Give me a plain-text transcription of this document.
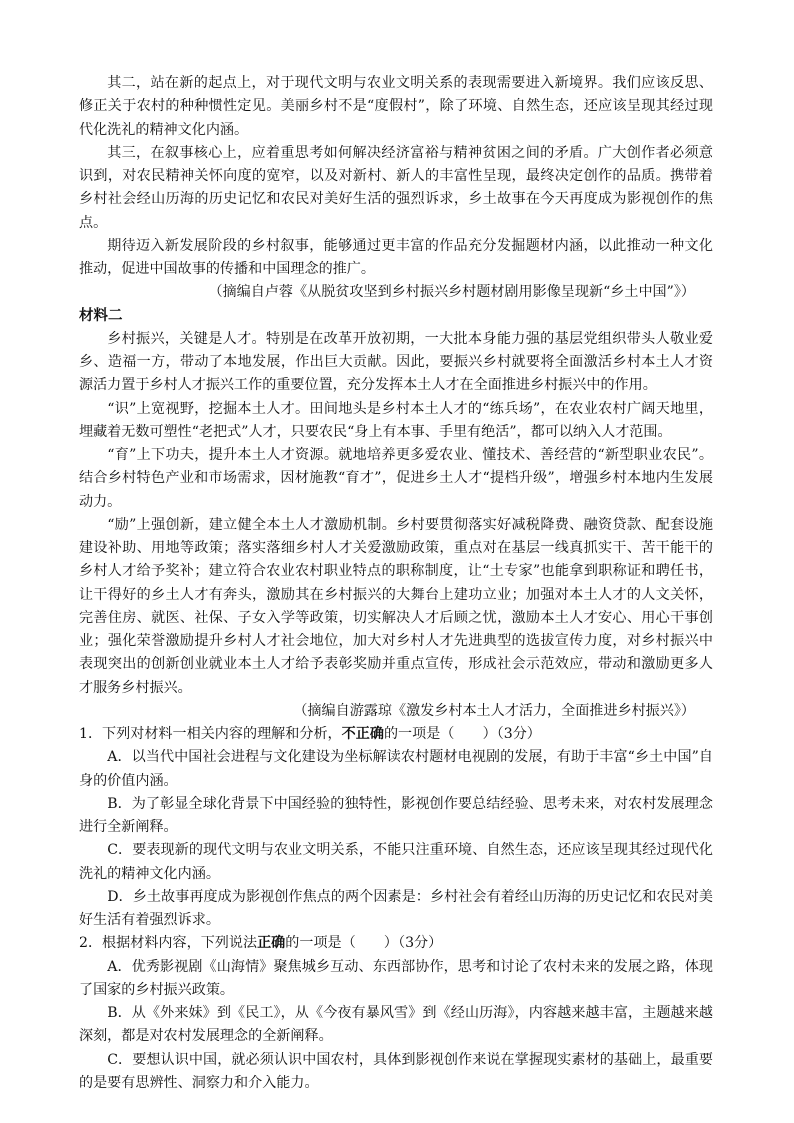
其二，站在新的起点上，对于现代文明与农业文明关系的表现需要进入新境界。我们应该反思、修正关于农村的种种惯性定见。美丽乡村不是“度假村”，除了环境、自然生态，还应该呈现其经过现代化洗礼的精神文化内涵。

其三，在叙事核心上，应着重思考如何解决经济富裕与精神贫困之间的矛盾。广大创作者必须意识到，对农民精神关怀向度的宽窄，以及对新村、新人的丰富性呈现，最终决定创作的品质。携带着乡村社会经山历海的历史记忆和农民对美好生活的强烈诉求，乡土故事在今天再度成为影视创作的焦点。

期待迈入新发展阶段的乡村叙事，能够通过更丰富的作品充分发掘题材内涵，以此推动一种文化推动，促进中国故事的传播和中国理念的推广。

（摘编自卢蓉《从脱贫攻坚到乡村振兴乡村题材剧用影像呈现新“乡土中国”》）

材料二

乡村振兴，关键是人才。特别是在改革开放初期，一大批本身能力强的基层党组织带头人敬业爱乡、造福一方，带动了本地发展，作出巨大贡献。因此，要振兴乡村就要将全面激活乡村本土人才资源活力置于乡村人才振兴工作的重要位置，充分发挥本土人才在全面推进乡村振兴中的作用。

“识”上宽视野，挖掘本土人才。田间地头是乡村本土人才的“练兵场”，在农业农村广阔天地里，埋藏着无数可塑性“老把式”人才，只要农民“身上有本事、手里有绝活”，都可以纳入人才范围。

“育”上下功夫，提升本土人才资源。就地培养更多爱农业、懂技术、善经营的“新型职业农民”。结合乡村特色产业和市场需求，因材施教“育才”，促进乡土人才“提档升级”，增强乡村本地内生发展动力。

“励”上强创新，建立健全本土人才激励机制。乡村要贯彻落实好减税降费、融资贷款、配套设施建设补助、用地等政策；落实落细乡村人才关爱激励政策，重点对在基层一线真抓实干、苦干能干的乡村人才给予奖补；建立符合农业农村职业特点的职称制度，让“土专家”也能拿到职称证和聘任书，让干得好的乡土人才有奔头，激励其在乡村振兴的大舞台上建功立业；加强对本土人才的人文关怀，完善住房、就医、社保、子女入学等政策，切实解决人才后顾之忧，激励本土人才安心、用心干事创业；强化荣誉激励提升乡村人才社会地位，加大对乡村人才先进典型的选拔宣传力度，对乡村振兴中表现突出的创新创业就业本土人才给予表彰奖励并重点宣传，形成社会示范效应，带动和激励更多人才服务乡村振兴。

（摘编自游露琼《激发乡村本土人才活力，全面推进乡村振兴》）

1．下列对材料一相关内容的理解和分析，不正确的一项是（　　）（3分）

A．以当代中国社会进程与文化建设为坐标解读农村题材电视剧的发展，有助于丰富“乡土中国”自身的价值内涵。

B．为了彰显全球化背景下中国经验的独特性，影视创作要总结经验、思考未来，对农村发展理念进行全新阐释。

C．要表现新的现代文明与农业文明关系，不能只注重环境、自然生态，还应该呈现其经过现代化洗礼的精神文化内涵。

D．乡土故事再度成为影视创作焦点的两个因素是：乡村社会有着经山历海的历史记忆和农民对美好生活有着强烈诉求。

2．根据材料内容，下列说法正确的一项是（　　）（3分）

A．优秀影视剧《山海情》聚焦城乡互动、东西部协作，思考和讨论了农村未来的发展之路，体现了国家的乡村振兴政策。

B．从《外来妹》到《民工》，从《今夜有暴风雪》到《经山历海》，内容越来越丰富，主题越来越深刻，都是对农村发展理念的全新阐释。

C．要想认识中国，就必须认识中国农村，具体到影视创作来说在掌握现实素材的基础上，最重要的是要有思辨性、洞察力和介入能力。
